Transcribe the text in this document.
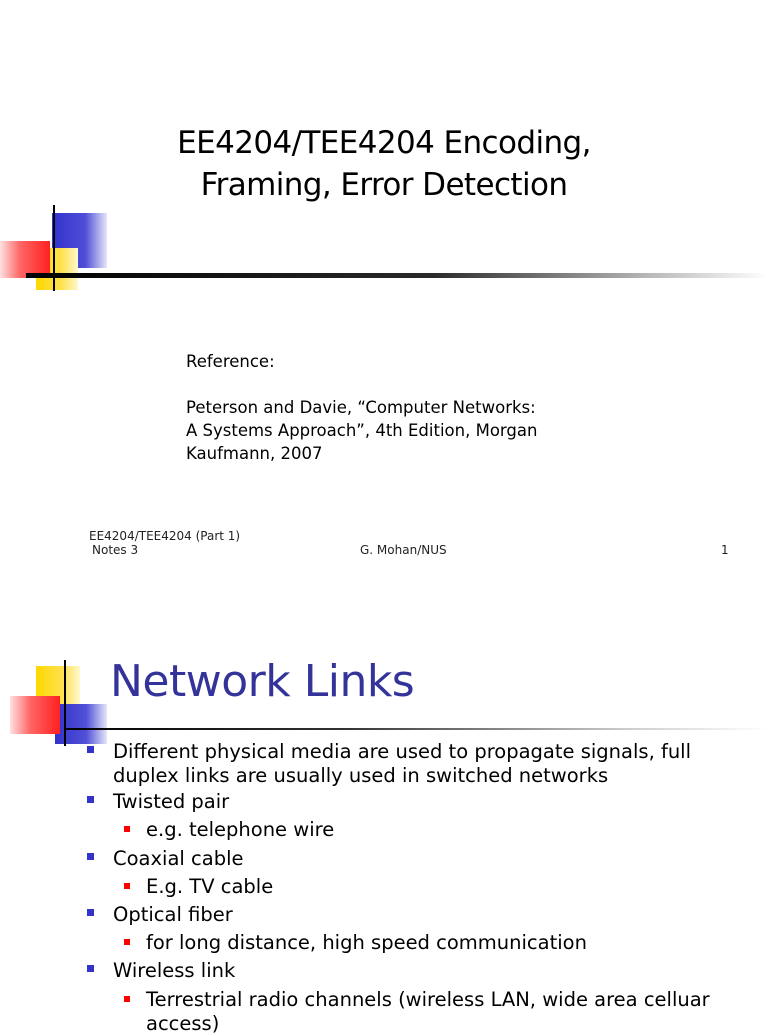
EE4204/TEE4204 Encoding,
Framing, Error Detection
Reference:
Peterson and Davie, “Computer Networks:
A Systems Approach”, 4th Edition, Morgan
Kaufmann, 2007
EE4204/TEE4204 (Part 1)
Notes 3	G. Mohan/NUS	1
Network Links
Different physical media are used to propagate signals, full
duplex links are usually used in switched networks
Twisted pair
e.g. telephone wire
Coaxial cable
E.g. TV cable
Optical fiber
for long distance, high speed communication
Wireless link
Terrestrial radio channels (wireless LAN, wide area celluar
access)
